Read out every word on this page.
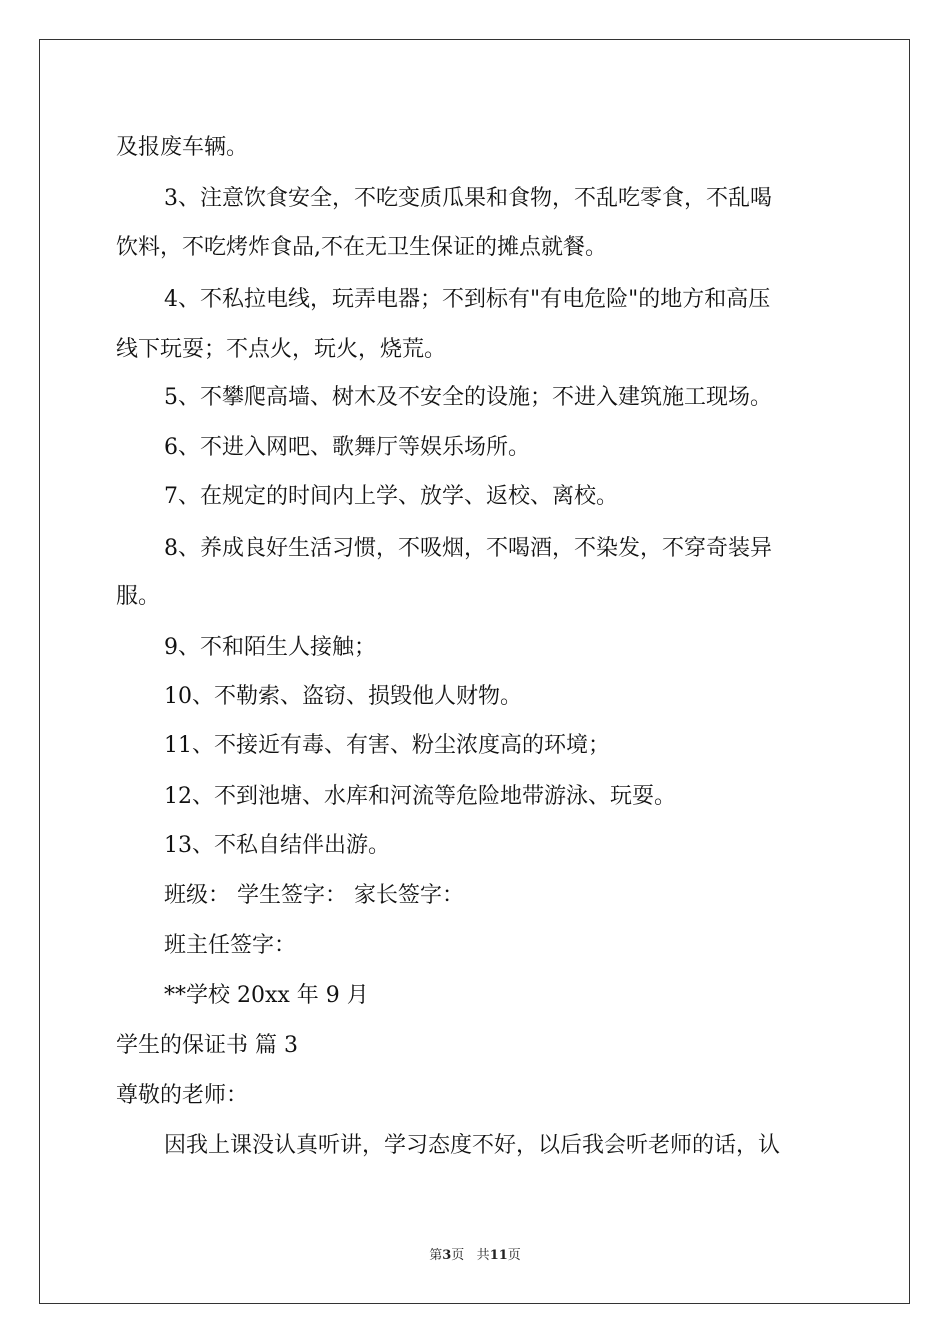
及报废车辆。
3、注意饮食安全，不吃变质瓜果和食物，不乱吃零食，不乱喝
饮料，不吃烤炸食品,不在无卫生保证的摊点就餐。
4、不私拉电线，玩弄电器；不到标有"有电危险"的地方和高压
线下玩耍；不点火，玩火，烧荒。
5、不攀爬高墙、树木及不安全的设施；不进入建筑施工现场。
6、不进入网吧、歌舞厅等娱乐场所。
7、在规定的时间内上学、放学、返校、离校。
8、养成良好生活习惯，不吸烟，不喝酒，不染发，不穿奇装异
服。
9、不和陌生人接触；
10、不勒索、盗窃、损毁他人财物。
11、不接近有毒、有害、粉尘浓度高的环境；
12、不到池塘、水库和河流等危险地带游泳、玩耍。
13、不私自结伴出游。
班级： 学生签字： 家长签字：
班主任签字：
**学校 20xx 年 9 月
学生的保证书 篇 3
尊敬的老师：
因我上课没认真听讲，学习态度不好，以后我会听老师的话，认
第3页 共11页
